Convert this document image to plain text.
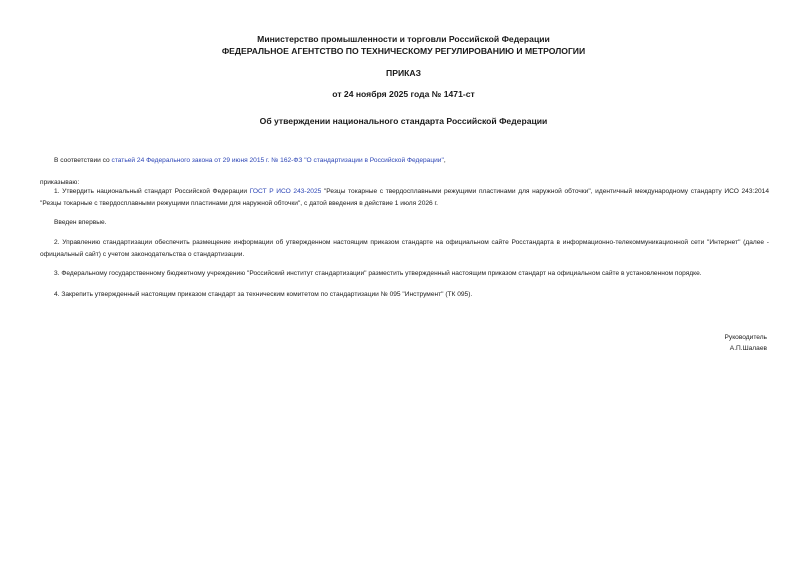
Министерство промышленности и торговли Российской Федерации
ФЕДЕРАЛЬНОЕ АГЕНТСТВО ПО ТЕХНИЧЕСКОМУ РЕГУЛИРОВАНИЮ И МЕТРОЛОГИИ
ПРИКАЗ
от 24 ноября 2025 года № 1471-ст
Об утверждении национального стандарта Российской Федерации
В соответствии со статьей 24 Федерального закона от 29 июня 2015 г. № 162-ФЗ "О стандартизации в Российской Федерации",
приказываю:
1. Утвердить национальный стандарт Российской Федерации ГОСТ Р ИСО 243-2025 "Резцы токарные с твердосплавными режущими пластинами для наружной обточки", идентичный международному стандарту ИСО 243:2014 "Резцы токарные с твердосплавными режущими пластинами для наружной обточки", с датой введения в действие 1 июля 2026 г.
Введен впервые.
2. Управлению стандартизации обеспечить размещение информации об утвержденном настоящим приказом стандарте на официальном сайте Росстандарта в информационно-телекоммуникационной сети "Интернет" (далее - официальный сайт) с учетом законодательства о стандартизации.
3. Федеральному государственному бюджетному учреждению "Российский институт стандартизации" разместить утвержденный настоящим приказом стандарт на официальном сайте в установленном порядке.
4. Закрепить утвержденный настоящим приказом стандарт за техническим комитетом по стандартизации № 095 "Инструмент" (ТК 095).
Руководитель
А.П.Шалаев
